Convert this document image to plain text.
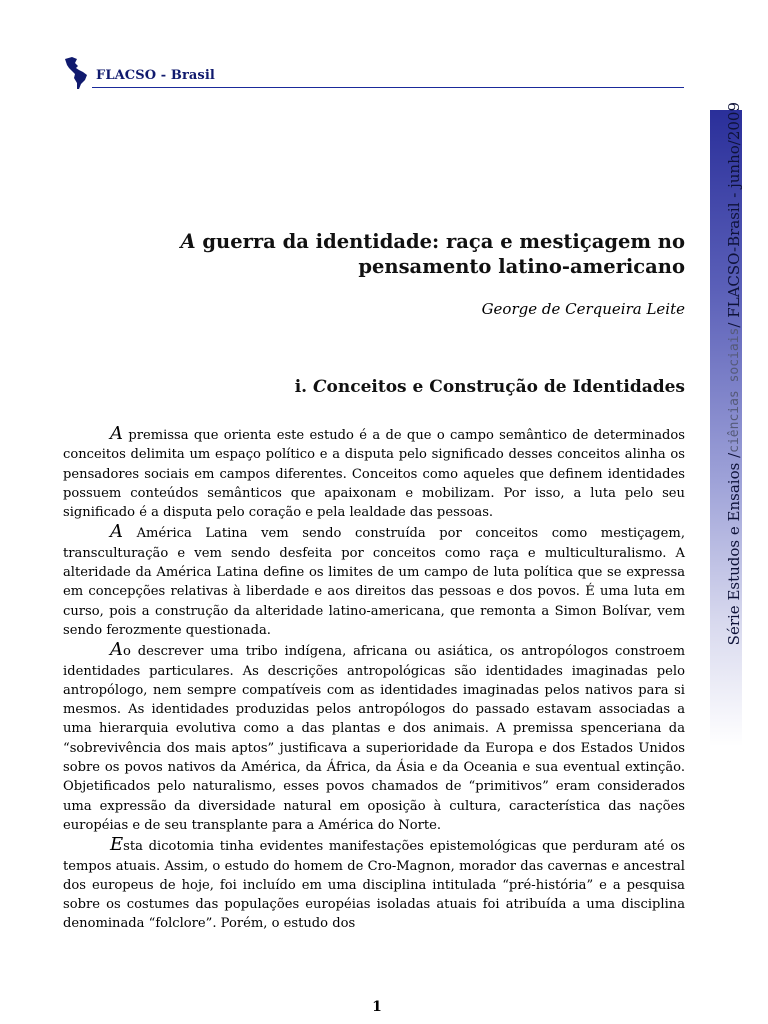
FLACSO - Brasil
Série Estudos e Ensaios /
ciências sociais
/ FLACSO-Brasil - junho/2009
A guerra da identidade: raça e mestiçagem no pensamento latino-americano
George de Cerqueira Leite
i. Conceitos e Construção de Identidades

A premissa que orienta este estudo é a de que o campo semântico de determinados conceitos delimita um espaço político e a disputa pelo significado desses conceitos alinha os pensadores sociais em campos diferentes. Conceitos como aqueles que definem identidades possuem conteúdos semânticos que apaixonam e mobilizam. Por isso, a luta pelo seu significado é a disputa pelo coração e pela lealdade das pessoas.

A América Latina vem sendo construída por conceitos como mestiçagem, transculturação e vem sendo desfeita por conceitos como raça e multiculturalismo. A alteridade da América Latina define os limites de um campo de luta política que se expressa em concepções relativas à liberdade e aos direitos das pessoas e dos povos. É uma luta em curso, pois a construção da alteridade latino-americana, que remonta a Simon Bolívar, vem sendo ferozmente questionada.

Ao descrever uma tribo indígena, africana ou asiática, os antropólogos constroem identidades particulares. As descrições antropológicas são identidades imaginadas pelo antropólogo, nem sempre compatíveis com as identidades imaginadas pelos nativos para si mesmos. As identidades produzidas pelos antropólogos do passado estavam associadas a uma hierarquia evolutiva como a das plantas e dos animais. A premissa spenceriana da “sobrevivência dos mais aptos” justificava a superioridade da Europa e dos Estados Unidos sobre os povos nativos da América, da África, da Ásia e da Oceania e sua eventual extinção. Objetificados pelo naturalismo, esses povos chamados de “primitivos” eram considerados uma expressão da diversidade natural em oposição à cultura, característica das nações européias e de seu transplante para a América do Norte.

Esta dicotomia tinha evidentes manifestações epistemológicas que perduram até os tempos atuais. Assim, o estudo do homem de Cro-Magnon, morador das cavernas e ancestral dos europeus de hoje, foi incluído em uma disciplina intitulada “pré-história” e a pesquisa sobre os costumes das populações européias isoladas atuais foi atribuída a uma disciplina denominada “folclore”. Porém, o estudo dos

1
